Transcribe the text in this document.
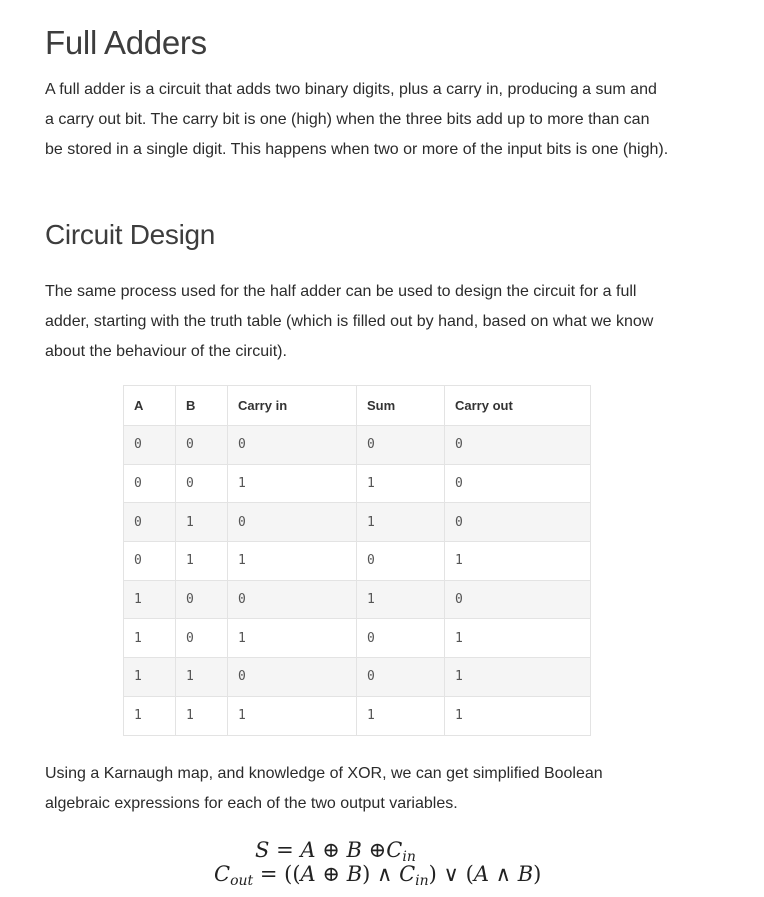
Full Adders

A full adder is a circuit that adds two binary digits, plus a carry in, producing a sum and a carry out bit. The carry bit is one (high) when the three bits add up to more than can be stored in a single digit. This happens when two or more of the input bits is one (high).

Circuit Design

The same process used for the half adder can be used to design the circuit for a full adder, starting with the truth table (which is filled out by hand, based on what we know about the behaviour of the circuit).

Using a Karnaugh map, and knowledge of XOR, we can get simplified Boolean algebraic expressions for each of the two output variables.

A	B	Carry in	Sum	Carry out
0	0	0	0	0
0	0	1	1	0
0	1	0	1	0
0	1	1	0	1
1	0	0	1	0
1	0	1	0	1
1	1	0	0	1
1	1	1	1	1
S = A ⊕ B $\oplus C_{in}$
$C_{out} = ((A$ ⊕ B) ∧ $C_{in}$) ∨ (A ∧ B)
